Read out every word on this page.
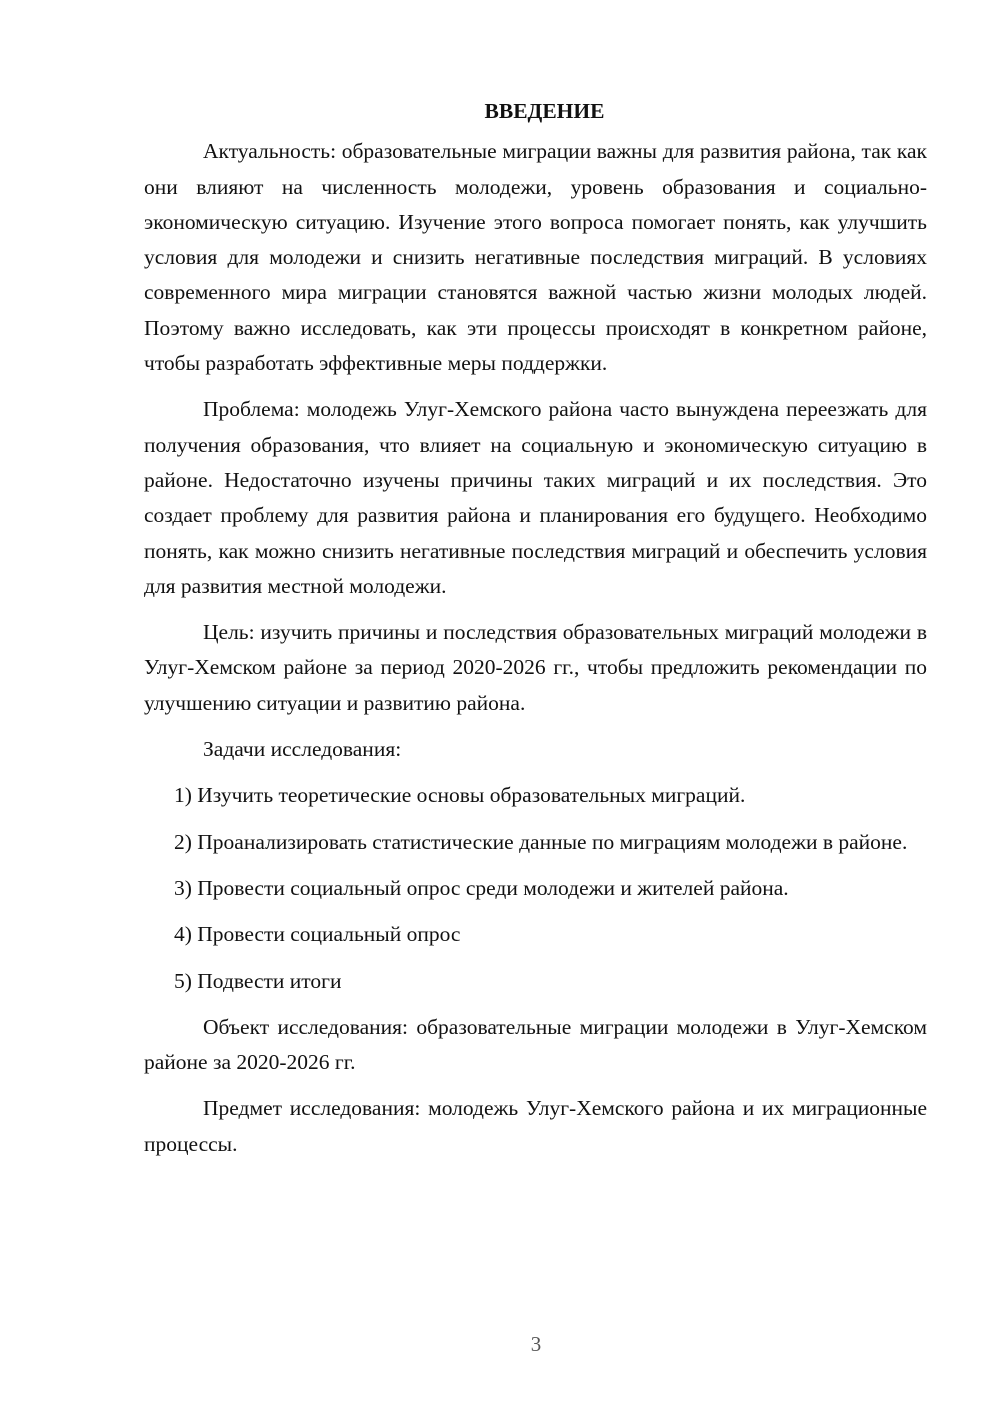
ВВЕДЕНИЕ

Актуальность: образовательные миграции важны для развития района, так как они влияют на численность молодежи, уровень образования и социально-экономическую ситуацию. Изучение этого вопроса помогает понять, как улучшить условия для молодежи и снизить негативные последствия миграций. В условиях современного мира миграции становятся важной частью жизни молодых людей. Поэтому важно исследовать, как эти процессы происходят в конкретном районе, чтобы разработать эффективные меры поддержки.

Проблема: молодежь Улуг-Хемского района часто вынуждена переезжать для получения образования, что влияет на социальную и экономическую ситуацию в районе. Недостаточно изучены причины таких миграций и их последствия. Это создает проблему для развития района и планирования его будущего. Необходимо понять, как можно снизить негативные последствия миграций и обеспечить условия для развития местной молодежи.

Цель: изучить причины и последствия образовательных миграций молодежи в Улуг-Хемском районе за период 2020-2026 гг., чтобы предложить рекомендации по улучшению ситуации и развитию района.

Задачи исследования:

1) Изучить теоретические основы образовательных миграций.

2) Проанализировать статистические данные по миграциям молодежи в районе.

3) Провести социальный опрос среди молодежи и жителей района.

4) Провести социальный опрос

5) Подвести итоги

Объект исследования: образовательные миграции молодежи в Улуг-Хемском районе за 2020-2026 гг.

Предмет исследования: молодежь Улуг-Хемского района и их миграционные процессы.

3
